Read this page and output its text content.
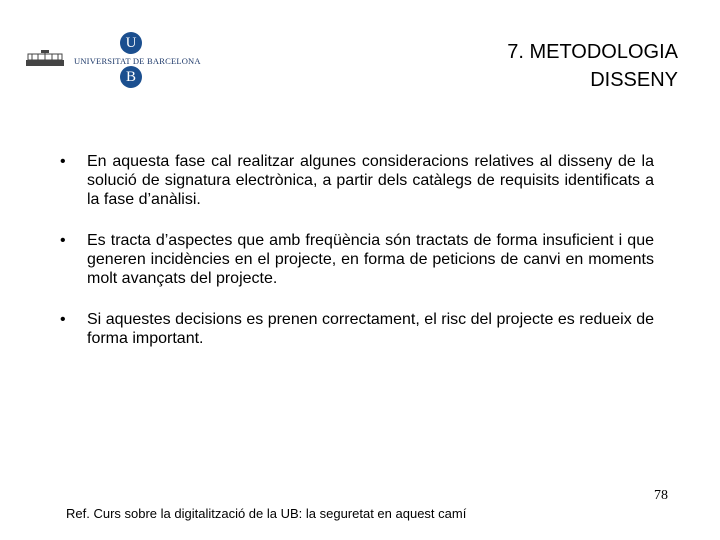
U
UNIVERSITAT DE BARCELONA
B
7. METODOLOGIA
DISSENY
• En aquesta fase cal realitzar algunes consideracions relatives al disseny de la solució de signatura electrònica, a partir dels catàlegs de requisits identificats a la fase d’anàlisi.
• Es tracta d’aspectes que amb freqüència són tractats de forma insuficient i que generen incidències en el projecte, en forma de peticions de canvi en moments molt avançats del projecte.
• Si aquestes decisions es prenen correctament, el risc del projecte es redueix de forma important.
78
Ref. Curs sobre la digitalització de la UB: la seguretat en aquest camí
